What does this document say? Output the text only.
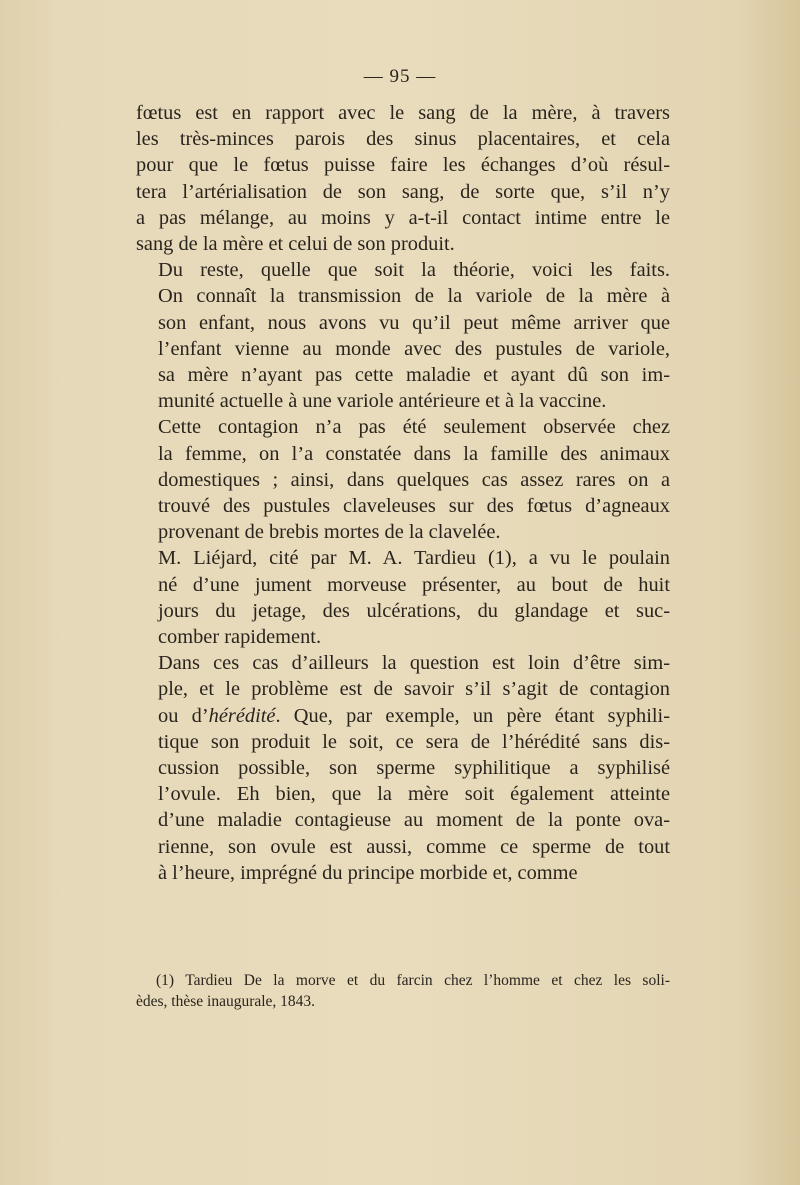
— 95 —

fœtus est en rapport avec le sang de la mère, à travers
les très-minces parois des sinus placentaires, et cela
pour que le fœtus puisse faire les échanges d’où résul-
tera l’artérialisation de son sang, de sorte que, s’il n’y
a pas mélange, au moins y a-t-il contact intime entre le
sang de la mère et celui de son produit.

Du reste, quelle que soit la théorie, voici les faits.
On connaît la transmission de la variole de la mère à
son enfant, nous avons vu qu’il peut même arriver que
l’enfant vienne au monde avec des pustules de variole,
sa mère n’ayant pas cette maladie et ayant dû son im-
munité actuelle à une variole antérieure et à la vaccine.

Cette contagion n’a pas été seulement observée chez
la femme, on l’a constatée dans la famille des animaux
domestiques ; ainsi, dans quelques cas assez rares on a
trouvé des pustules claveleuses sur des fœtus d’agneaux
provenant de brebis mortes de la clavelée.

M. Liéjard, cité par M. A. Tardieu (1), a vu le poulain
né d’une jument morveuse présenter, au bout de huit
jours du jetage, des ulcérations, du glandage et suc-
comber rapidement.

Dans ces cas d’ailleurs la question est loin d’être sim-
ple, et le problème est de savoir s’il s’agit de contagion
ou d’hérédité. Que, par exemple, un père étant syphili-
tique son produit le soit, ce sera de l’hérédité sans dis-
cussion possible, son sperme syphilitique a syphilisé
l’ovule. Eh bien, que la mère soit également atteinte
d’une maladie contagieuse au moment de la ponte ova-
rienne, son ovule est aussi, comme ce sperme de tout
à l’heure, imprégné du principe morbide et, comme

(1) Tardieu De la morve et du farcin chez l’homme et chez les soli-
èdes, thèse inaugurale, 1843.
